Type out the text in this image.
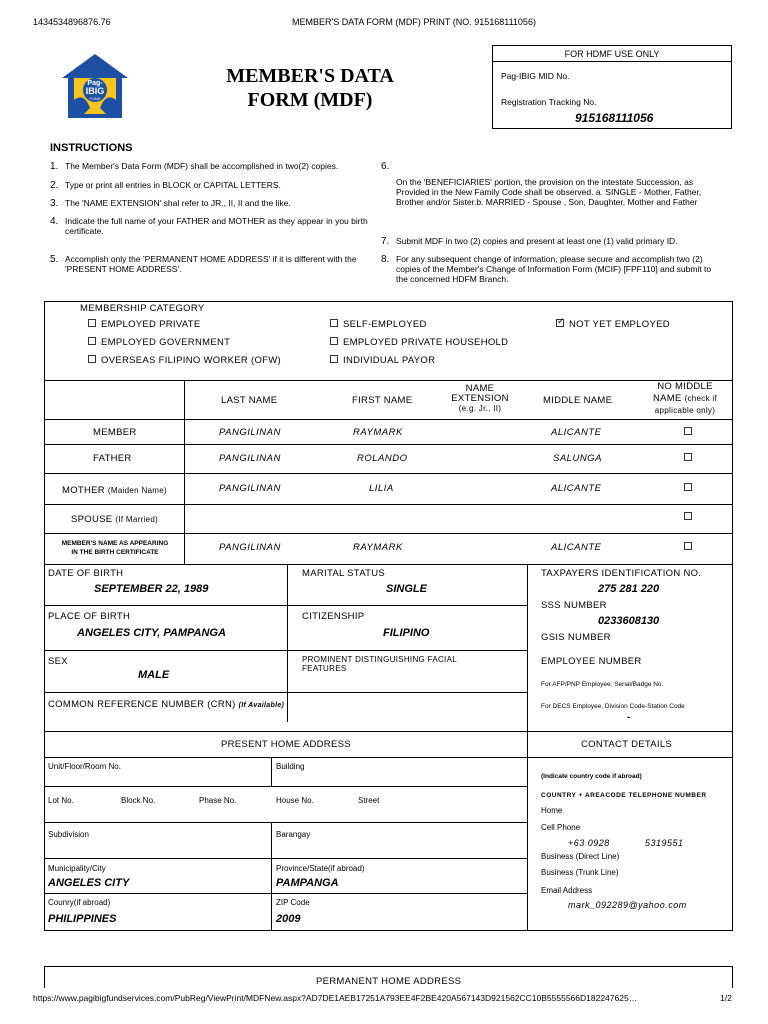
1434534896876.76	MEMBER'S DATA FORM (MDF) PRINT (NO. 915168111056)
Pag-
IBIG
FUND
MEMBER'S DATA
FORM (MDF)
FOR HDMF USE ONLY
Pag-IBIG MID No.
Registration Tracking No.
915168111056
INSTRUCTIONS
1. The Member's Data Form (MDF) shall be accomplished in two(2) copies.
2. Type or print all entries in BLOCK or CAPITAL LETTERS.
3. The 'NAME EXTENSION' shal refer to JR., II, II and the like.
4. Indicate the full name of your FATHER and MOTHER as they appear in you birth certificate.
5. Accomplish only the 'PERMANENT HOME ADDRESS' if it is different with the 'PRESENT HOME ADDRESS'.
6.
On the 'BENEFICIARIES' portion, the provision on the intestate Succession, as Provided in the New Family Code shall be observed. a. SINGLE - Mother, Father, Brother and/or Sister.b. MARRIED - Spouse , Son, Daughter, Mother and Father
7. Submit MDF in two (2) copies and present at least one (1) valid primary ID.
8. For any subsequent change of information, please secure and accomplish two (2) copies of the Member's Change of Information Form (MCIF) [FPF110] and submit to the concerned HDFM Branch.
MEMBERSHIP CATEGORY
EMPLOYED PRIVATE
EMPLOYED GOVERNMENT
OVERSEAS FILIPINO WORKER (OFW)
SELF-EMPLOYED
EMPLOYED PRIVATE HOUSEHOLD
INDIVIDUAL PAYOR
✓NOT YET EMPLOYED
LAST NAME	FIRST NAME
NAME
EXTENSION
(e.g. Jr., II)
MIDDLE NAME
NO MIDDLE
NAME (check if
applicable only)
MEMBER	PANGILINAN	RAYMARK	ALICANTE
FATHER	PANGILINAN	ROLANDO	SALUNGA
MOTHER (Maiden Name)	PANGILINAN	LILIA	ALICANTE
SPOUSE (If Married)
MEMBER'S NAME AS APPEARING
IN THE BIRTH CERTIFICATE	PANGILINAN	RAYMARK	ALICANTE
DATE OF BIRTH
SEPTEMBER 22, 1989
MARITAL STATUS
SINGLE
TAXPAYERS IDENTIFICATION NO.
275 281 220
SSS NUMBER
0233608130
GSIS NUMBER
PLACE OF BIRTH
ANGELES CITY, PAMPANGA
CITIZENSHIP
FILIPINO
SEX
MALE
PROMINENT DISTINGUISHING FACIAL FEATURES
EMPLOYEE NUMBER
For AFP/PNP Employee, Serial/Badge No.
For DECS Employee, Division Code-Station Code
-
COMMON REFERENCE NUMBER (CRN) (If Available)
PRESENT HOME ADDRESS	CONTACT DETAILS
Unit/Floor/Room No.	Building
Lot No.	Block No.	Phase No.	House No.	Street
Subdivision	Barangay
Municipality/City
ANGELES CITY
Province/State(if abroad)
PAMPANGA
Counry(if abroad)
PHILIPPINES
ZIP Code
2009
(Indicate country code if abroad)
COUNTRY + AREACODE TELEPHONE NUMBER
Home
Cell Phone
+63 0928	5319551
Business (Direct Line)
Business (Trunk Line)
Email Address
mark_092289@yahoo.com
PERMANENT HOME ADDRESS
https://www.pagibigfundservices.com/PubReg/ViewPrint/MDFNew.aspx?AD7DE1AEB17251A793EE4F2BE420A567143D921562CC10B5555566D182247625…	1/2
